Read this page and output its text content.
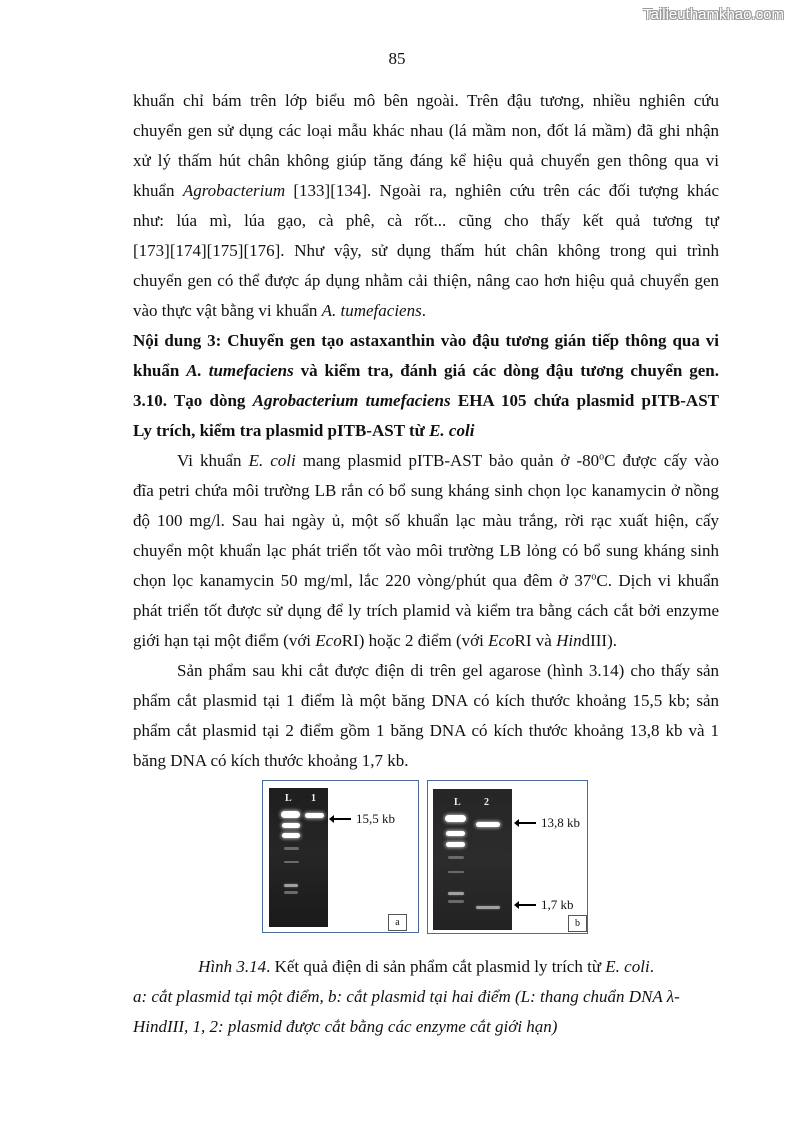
Tailieuthamkhao.com
85
khuẩn chỉ bám trên lớp biểu mô bên ngoài. Trên đậu tương, nhiều nghiên cứu
chuyển gen sử dụng các loại mẫu khác nhau (lá mầm non, đốt lá mầm) đã ghi nhận
xử lý thấm hút chân không giúp tăng đáng kể hiệu quả chuyển gen thông qua vi
khuẩn Agrobacterium [133][134]. Ngoài ra, nghiên cứu trên các đối tượng khác
như: lúa mì, lúa gạo, cà phê, cà rốt... cũng cho thấy kết quả tương tự
[173][174][175][176]. Như vậy, sử dụng thấm hút chân không trong qui trình
chuyển gen có thể được áp dụng nhằm cải thiện, nâng cao hơn hiệu quả chuyển gen
vào thực vật bằng vi khuẩn A. tumefaciens.
Nội dung 3: Chuyển gen tạo astaxanthin vào đậu tương gián tiếp thông qua vi
khuẩn A. tumefaciens và kiểm tra, đánh giá các dòng đậu tương chuyển gen.
3.10. Tạo dòng Agrobacterium tumefaciens EHA 105 chứa plasmid pITB-AST
Ly trích, kiểm tra plasmid pITB-AST từ E. coli
Vi khuẩn E. coli mang plasmid pITB-AST bảo quản ở -80$^o$C được cấy vào
đĩa petri chứa môi trường LB rắn có bổ sung kháng sinh chọn lọc kanamycin ở nồng
độ 100 mg/l. Sau hai ngày ủ, một số khuẩn lạc màu trắng, rời rạc xuất hiện, cấy
chuyển một khuẩn lạc phát triển tốt vào môi trường LB lỏng có bổ sung kháng sinh
chọn lọc kanamycin 50 mg/ml, lắc 220 vòng/phút qua đêm ở 37$^o$C. Dịch vi khuẩn
phát triển tốt được sử dụng để ly trích plamid và kiểm tra bằng cách cắt bởi enzyme
giới hạn tại một điểm (với EcoRI) hoặc 2 điểm (với EcoRI và HindIII).
Sản phẩm sau khi cắt được điện di trên gel agarose (hình 3.14) cho thấy sản
phẩm cắt plasmid tại 1 điểm là một băng DNA có kích thước khoảng 15,5 kb; sản
phẩm cắt plasmid tại 2 điểm gồm 1 băng DNA có kích thước khoảng 13,8 kb và 1
băng DNA có kích thước khoảng 1,7 kb.
L 1
15,5 kb
a
L 2
13,8 kb
1,7 kb
b
Hình 3.14. Kết quả điện di sản phẩm cắt plasmid ly trích từ E. coli.
a: cắt plasmid tại một điểm, b: cắt plasmid tại hai điểm (L: thang chuẩn DNA λ-
HindIII, 1, 2: plasmid được cắt bằng các enzyme cắt giới hạn)
